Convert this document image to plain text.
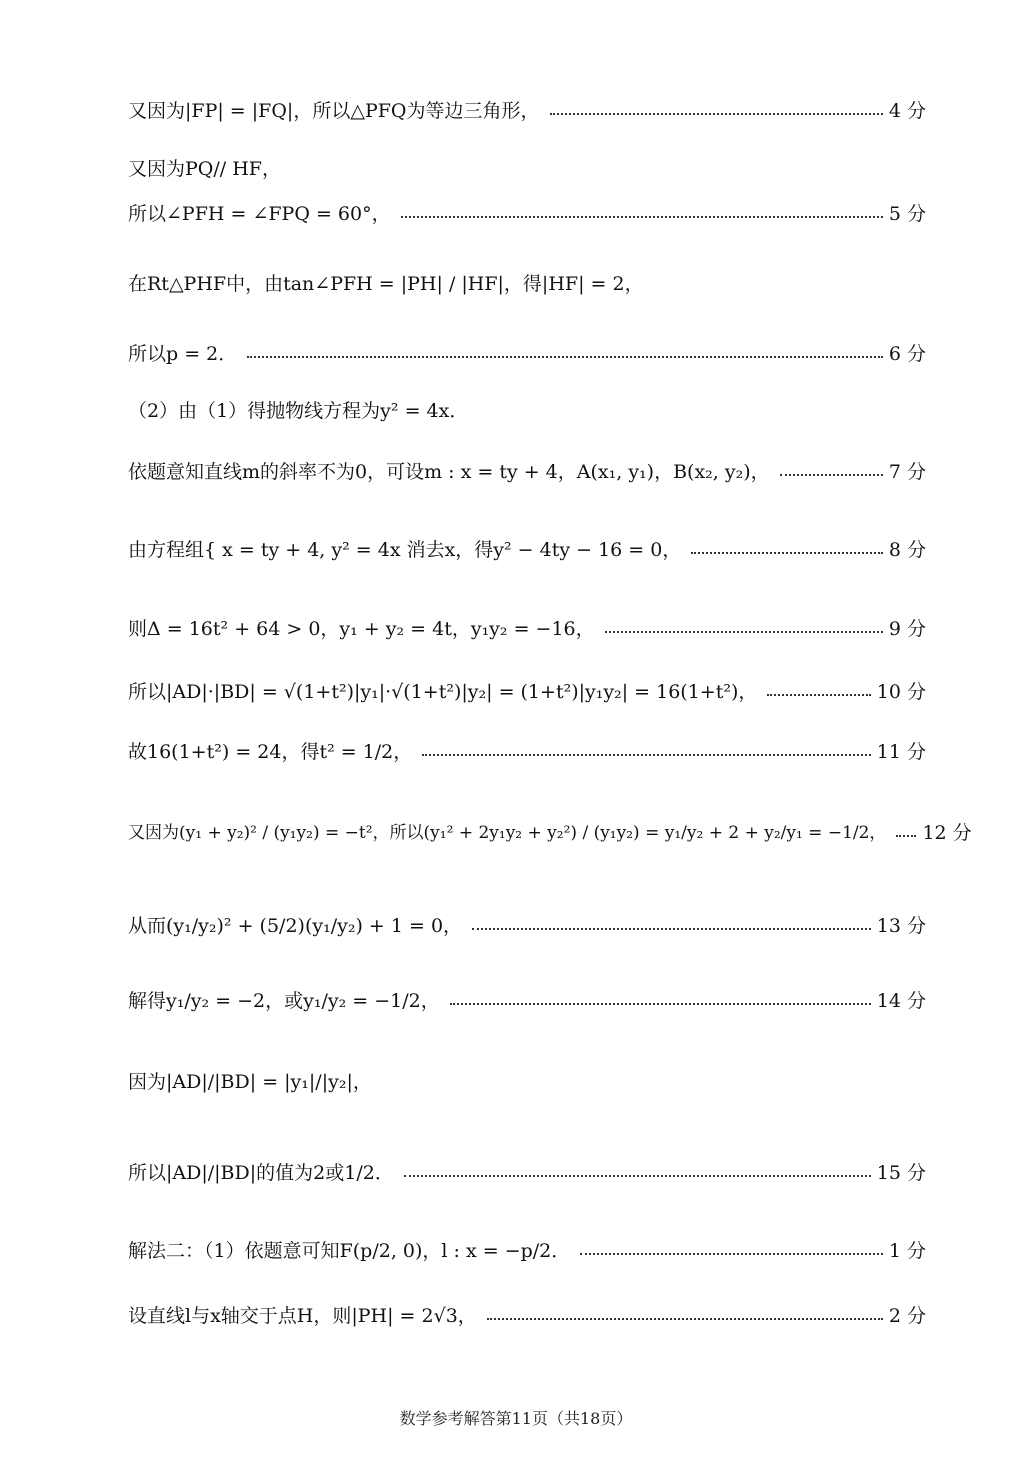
又因为|FP| = |FQ|，所以△PFQ为等边三角形，	4 分
又因为PQ// HF，
所以∠PFH = ∠FPQ = 60°，	5 分
在Rt△PHF中，由tan∠PFH = |PH| / |HF|，得|HF| = 2，
所以p = 2．	6 分
（2）由（1）得抛物线方程为y² = 4x．
依题意知直线m的斜率不为0，可设m : x = ty + 4，A(x₁, y₁)，B(x₂, y₂)，	7 分
由方程组{ x = ty + 4, y² = 4x 消去x，得y² − 4ty − 16 = 0，	8 分
则Δ = 16t² + 64 > 0，y₁ + y₂ = 4t，y₁y₂ = −16，	9 分
所以|AD|·|BD| = √(1+t²)|y₁|·√(1+t²)|y₂| = (1+t²)|y₁y₂| = 16(1+t²)，	10 分
故16(1+t²) = 24，得t² = 1/2，	11 分
又因为(y₁ + y₂)² / (y₁y₂) = −t²，所以(y₁² + 2y₁y₂ + y₂²) / (y₁y₂) = y₁/y₂ + 2 + y₂/y₁ = −1/2， 12 分
从而(y₁/y₂)² + (5/2)(y₁/y₂) + 1 = 0，	13 分
解得y₁/y₂ = −2，或y₁/y₂ = −1/2，	14 分
因为|AD|/|BD| = |y₁|/|y₂|，
所以|AD|/|BD|的值为2或1/2．	15 分
解法二：（1）依题意可知F(p/2, 0)，l : x = −p/2．	1 分
设直线l与x轴交于点H，则|PH| = 2√3，	2 分
数学参考解答第11页（共18页）
